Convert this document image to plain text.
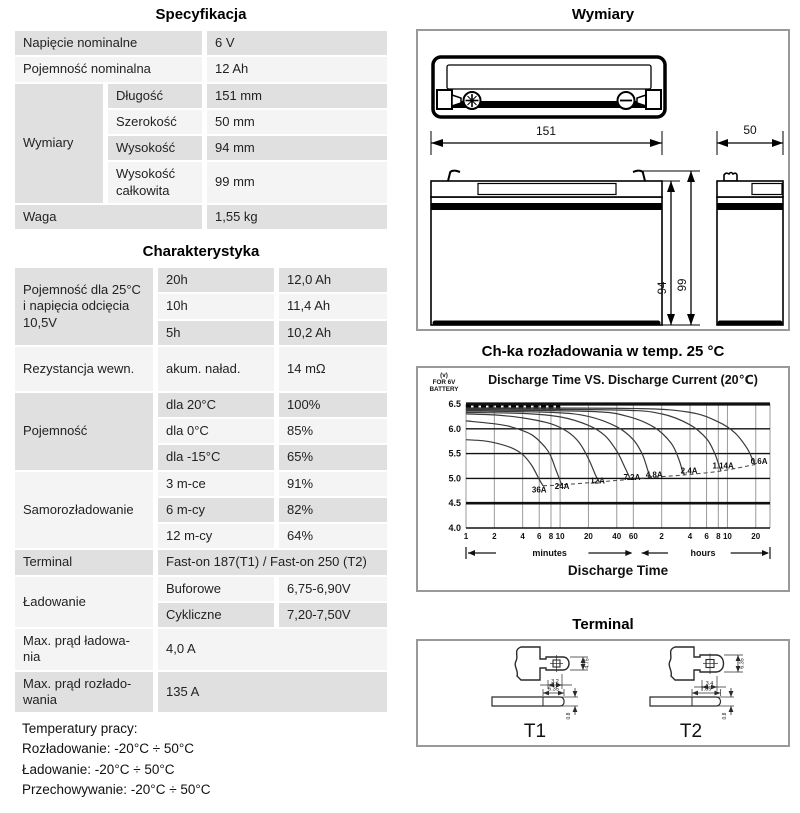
Specyfikacja
Napięcie nominalne		6 V
Pojemność nominalna		12 Ah
Wymiary	Długość	151 mm
	Szerokość	50 mm
	Wysokość	94 mm
	Wysokość całkowita	99 mm
Waga		1,55 kg
Charakterystyka
Pojemność dla 25°C i napięcia odcięcia 10,5V	20h	12,0 Ah
	10h	11,4 Ah
	5h	10,2 Ah
Rezystancja wewn.	akum. naład.	14 mΩ
Pojemność	dla 20°C	100%
	dla 0°C	85%
	dla -15°C	65%
Samorozładowanie	3 m-ce	91%
	6 m-cy	82%
	12 m-cy	64%
Terminal	Fast-on 187(T1) / Fast-on 250 (T2)	
Ładowanie	Buforowe	6,75-6,90V
	Cykliczne	7,20-7,50V
Max. prąd ładowa-nia	4,0 A	
Max. prąd rozłado-wania	135 A	
Temperatury pracy:
Rozładowanie: -20°C ÷ 50°C
Ładowanie: -20°C ÷ 50°C
Przechowywanie: -20°C ÷ 50°C
Wymiary
151	50
94 99
Ch-ka rozładowania w temp. 25 °C
1	2	4 6 8 10 20 40 60	2	4 6 8 10 20
4.0
4.5
5.0
5.5
6.0
6.5
36A 24A
12A 7.2A 4.8A 2.4A
1.14A 0.6A
Discharge Time VS. Discharge Current (20℃)
(v)
FOR 6V
BATTERY
minutes	hours
Discharge Time
Terminal
3.2
4.75
6.35
0.8
T1
3.4
6.35
7.85
0.8
T2
